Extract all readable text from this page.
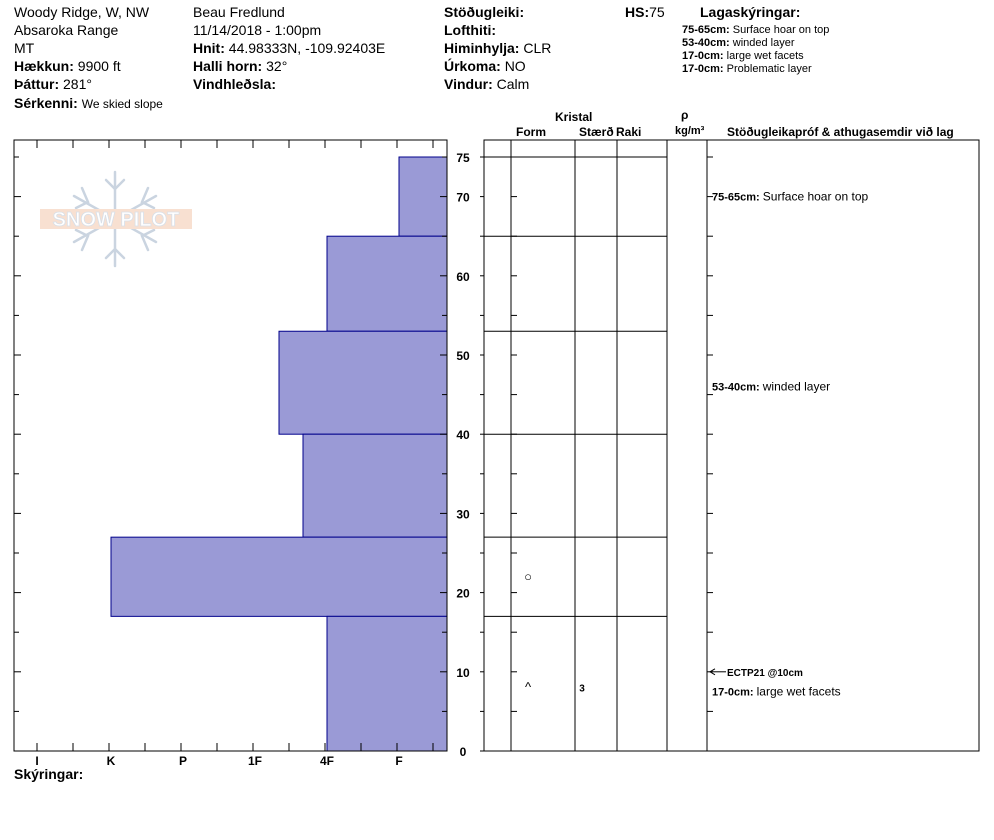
Woody Ridge, W, NW
Absaroka Range
MT
Hækkun: 9900 ft
Þáttur: 281°
Sérkenni: We skied slope
Beau Fredlund
11/14/2018 - 1:00pm
Hnit: 44.98333N, -109.92403E
Halli horn: 32°
Vindhleðsla:
Stöðugleiki:
Lofthiti:
Himinhylja: CLR
Úrkoma: NO
Vindur: Calm
HS:75	Lagaskýringar:
75-65cm: Surface hoar on top
53-40cm: winded layer
17-0cm: large wet facets
17-0cm: Problematic layer
Kristal
Form	Stærð Raki
ρ
kg/m³ Stöðugleikapróf & athugasemdir við lag
SNOW PILOT
0
10
20
30
40
50
60
70
75
I	K	P	1F	4F	F
○
^	3
75-65cm: Surface hoar on top
53-40cm: winded layer
17-0cm: large wet facets
ECTP21 @10cm
Skýringar:
